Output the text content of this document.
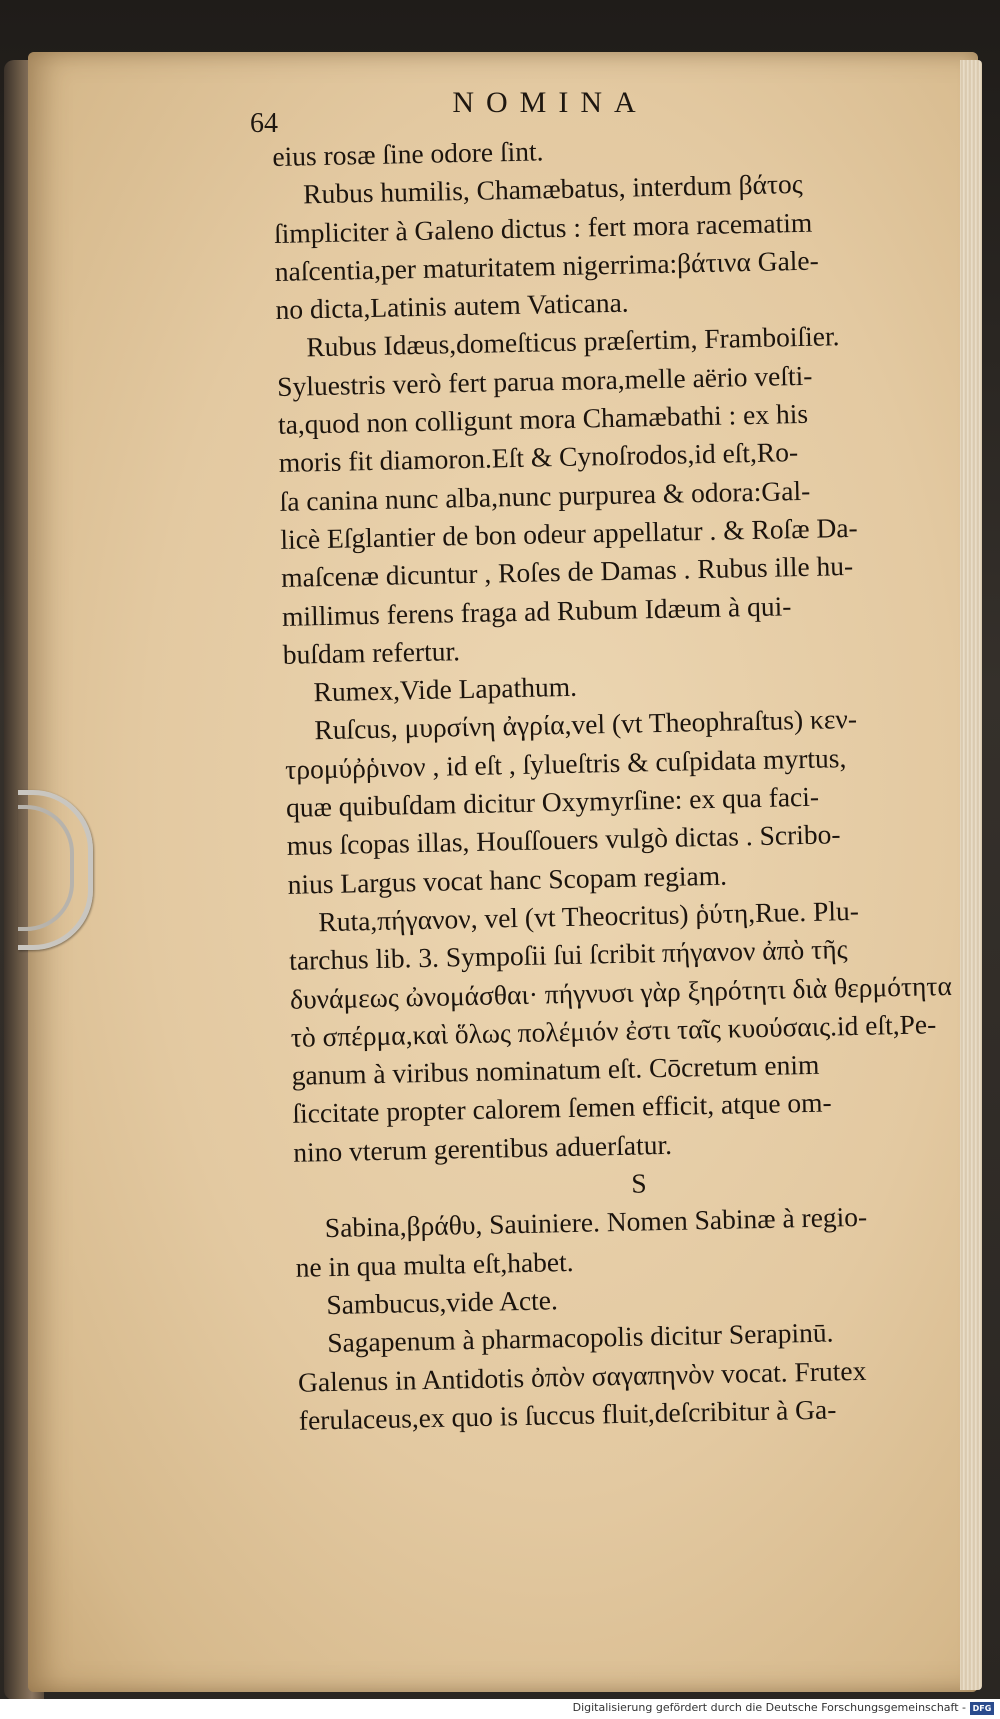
64
NOMINA
eius rosæ ſine odore ſint.
Rubus humilis, Chamæbatus, interdum βάτος
ſimpliciter à Galeno dictus : fert mora racematim
naſcentia,per maturitatem nigerrima:βάτινα Gale-
no dicta,Latinis autem Vaticana.
Rubus Idæus,domeſticus præſertim, Framboiſier.
Syluestris verò fert parua mora,melle aërio veſti-
ta,quod non colligunt mora Chamæbathi : ex his
moris fit diamoron.Eſt & Cynoſrodos,id eſt,Ro-
ſa canina nunc alba,nunc purpurea & odora:Gal-
licè Eſglantier de bon odeur appellatur . & Roſæ Da-
maſcenæ dicuntur , Roſes de Damas . Rubus ille hu-
millimus ferens fraga ad Rubum Idæum à qui-
buſdam refertur.
Rumex,Vide Lapathum.
Ruſcus, μυρσίνη ἀγρία,vel (vt Theophraſtus) κεν-
τρομύῤῥινον , id eſt , ſylueſtris & cuſpidata myrtus,
quæ quibuſdam dicitur Oxymyrſine: ex qua faci-
mus ſcopas illas, Houſſouers vulgò dictas . Scribo-
nius Largus vocat hanc Scopam regiam.
Ruta,πήγανον, vel (vt Theocritus) ῥύτη,Rue. Plu-
tarchus lib. 3. Sympoſii ſui ſcribit πήγανον ἀπὸ τῆς
δυνάμεως ὠνομάσθαι· πήγνυσι γὰρ ξηρότητι διὰ θερμότητα
τὸ σπέρμα,καὶ ὅλως πολέμιόν ἐστι ταῖς κυούσαις.id eſt,Pe-
ganum à viribus nominatum eſt. Cōcretum enim
ſiccitate propter calorem ſemen efficit, atque om-
nino vterum gerentibus aduerſatur.
S
Sabina,βράθυ, Sauiniere. Nomen Sabinæ à regio-
ne in qua multa eſt,habet.
Sambucus,vide Acte.
Sagapenum à pharmacopolis dicitur Serapinū.
Galenus in Antidotis ὀπὸν σαγαπηνὸν vocat. Frutex
ferulaceus,ex quo is ſuccus fluit,deſcribitur à Ga-
Digitalisierung gefördert durch die Deutsche Forschungsgemeinschaft - DFG
